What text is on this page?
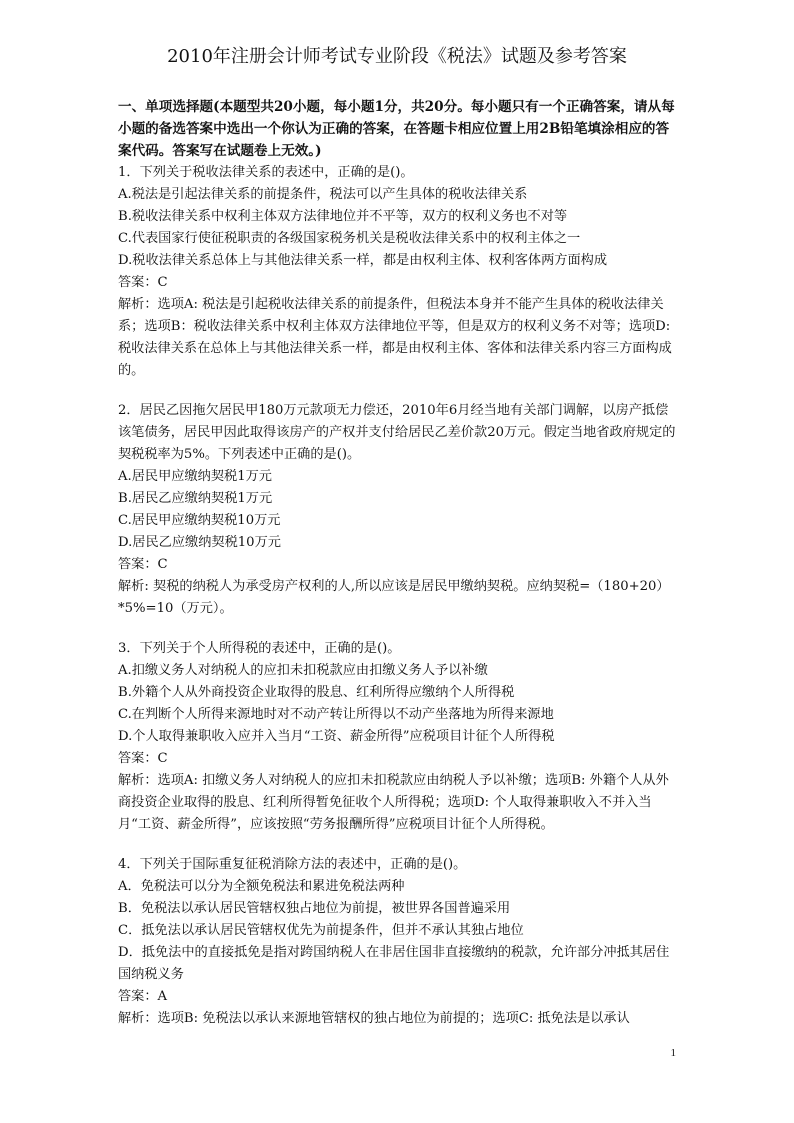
2010年注册会计师考试专业阶段《税法》试题及参考答案

一、单项选择题(本题型共20小题，每小题1分，共20分。每小题只有一个正确答案，请从每小题的备选答案中选出一个你认为正确的答案，在答题卡相应位置上用2B铅笔填涂相应的答案代码。答案写在试题卷上无效。)

1．下列关于税收法律关系的表述中，正确的是()。

A.税法是引起法律关系的前提条件，税法可以产生具体的税收法律关系

B.税收法律关系中权利主体双方法律地位并不平等，双方的权利义务也不对等

C.代表国家行使征税职责的各级国家税务机关是税收法律关系中的权利主体之一

D.税收法律关系总体上与其他法律关系一样，都是由权利主体、权利客体两方面构成

答案：C

解析：选项A: 税法是引起税收法律关系的前提条件，但税法本身并不能产生具体的税收法律关系；选项B：税收法律关系中权利主体双方法律地位平等，但是双方的权利义务不对等；选项D: 税收法律关系在总体上与其他法律关系一样，都是由权利主体、客体和法律关系内容三方面构成的。

2．居民乙因拖欠居民甲180万元款项无力偿还，2010年6月经当地有关部门调解，以房产抵偿该笔债务，居民甲因此取得该房产的产权并支付给居民乙差价款20万元。假定当地省政府规定的契税税率为5%。下列表述中正确的是()。

A.居民甲应缴纳契税1万元

B.居民乙应缴纳契税1万元

C.居民甲应缴纳契税10万元

D.居民乙应缴纳契税10万元

答案：C

解析: 契税的纳税人为承受房产权利的人,所以应该是居民甲缴纳契税。应纳契税=（180+20）*5%=10（万元）。

3．下列关于个人所得税的表述中，正确的是()。

A.扣缴义务人对纳税人的应扣未扣税款应由扣缴义务人予以补缴

B.外籍个人从外商投资企业取得的股息、红利所得应缴纳个人所得税

C.在判断个人所得来源地时对不动产转让所得以不动产坐落地为所得来源地

D.个人取得兼职收入应并入当月“工资、薪金所得”应税项目计征个人所得税

答案：C

解析：选项A: 扣缴义务人对纳税人的应扣未扣税款应由纳税人予以补缴；选项B: 外籍个人从外商投资企业取得的股息、红利所得暂免征收个人所得税；选项D: 个人取得兼职收入不并入当月“工资、薪金所得”，应该按照“劳务报酬所得”应税项目计征个人所得税。

4．下列关于国际重复征税消除方法的表述中，正确的是()。

A．免税法可以分为全额免税法和累进免税法两种

B．免税法以承认居民管辖权独占地位为前提，被世界各国普遍采用

C．抵免法以承认居民管辖权优先为前提条件，但并不承认其独占地位

D．抵免法中的直接抵免是指对跨国纳税人在非居住国非直接缴纳的税款，允许部分冲抵其居住国纳税义务

答案：A

解析：选项B: 免税法以承认来源地管辖权的独占地位为前提的；选项C: 抵免法是以承认

1
